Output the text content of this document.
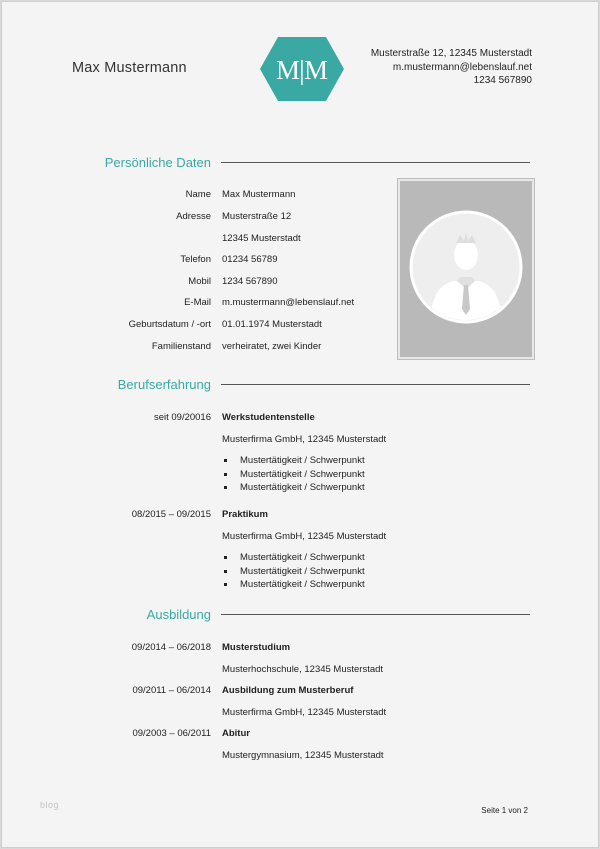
Max Mustermann	M | M
Musterstraße 12, 12345 Musterstadt
m.mustermann@lebenslauf.net
1234 567890
Persönliche Daten
Name Max Mustermann
Adresse Musterstraße 12
12345 Musterstadt
Telefon 01234 56789
Mobil 1234 567890
E-Mail m.mustermann@lebenslauf.net
Geburtsdatum / -ort 01.01.1974 Musterstadt
Familienstand verheiratet, zwei Kinder
Berufserfahrung
seit 09/20016 Werkstudentenstelle
Musterfirma GmbH, 12345 Musterstadt
Mustertätigkeit / Schwerpunkt
Mustertätigkeit / Schwerpunkt
Mustertätigkeit / Schwerpunkt
08/2015 – 09/2015 Praktikum
Musterfirma GmbH, 12345 Musterstadt
Mustertätigkeit / Schwerpunkt
Mustertätigkeit / Schwerpunkt
Mustertätigkeit / Schwerpunkt
Ausbildung
09/2014 – 06/2018 Musterstudium
Musterhochschule, 12345 Musterstadt
09/2011 – 06/2014 Ausbildung zum Musterberuf
Musterfirma GmbH, 12345 Musterstadt
09/2003 – 06/2011 Abitur
Mustergymnasium, 12345 Musterstadt
blog
Seite 1 von 2
